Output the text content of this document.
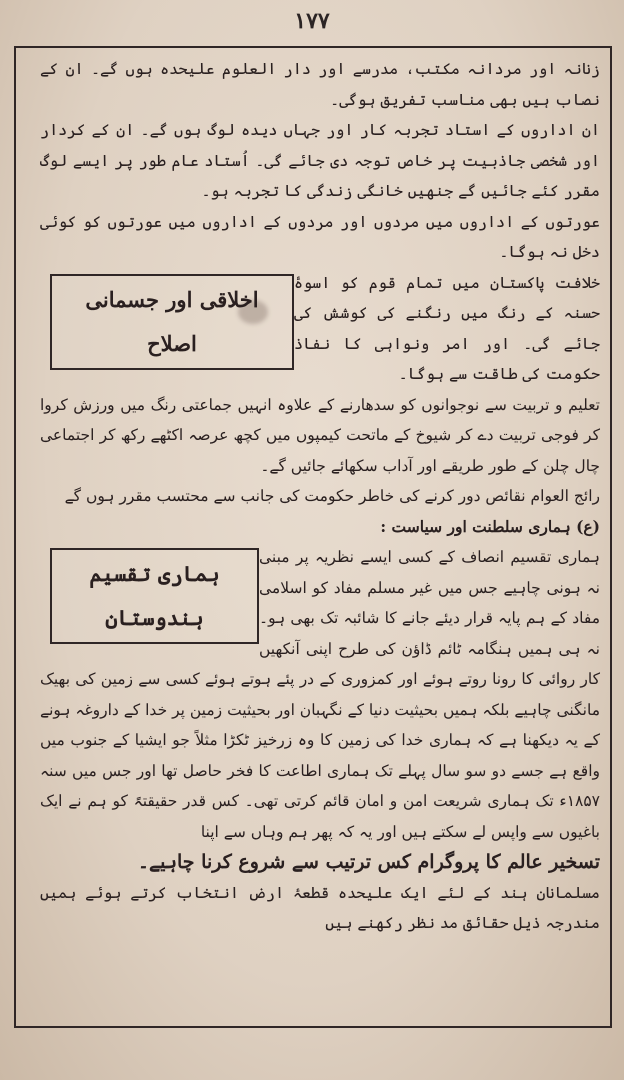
۱۷۷

زنانہ اور مردانہ مکتب، مدرسے اور دار العلوم علیحدہ ہوں گے۔ ان کے نصاب ہیں بھی مناسب تفریق ہوگی۔

ان اداروں کے استاد تجربہ کار اور جہاں دیدہ لوگ ہوں گے۔ ان کے کردار اور شخصی جاذبیت پر خاص توجہ دی جائے گی۔ اُستاد عام طور پر ایسے لوگ مقرر کئے جائیں گے جنھیں خانگی زندگی کا تجربہ ہو۔

عورتوں کے اداروں میں مردوں اور مردوں کے اداروں میں عورتوں کو کوئی دخل نہ ہوگا۔

اخلاقی اور جسمانی اصلاح

خلافت پاکستان میں تمام قوم کو اسوۂ حسنہ کے رنگ میں رنگنے کی کوشش کی جائے گی۔ اور امر ونواہی کا نفاذ حکومت کی طاقت سے ہوگا۔

تعلیم و تربیت سے نوجوانوں کو سدھارنے کے علاوہ انہیں جماعتی رنگ میں ورزش کروا کر فوجی تربیت دے کر شیوخ کے ماتحت کیمپوں میں کچھ عرصہ اکٹھے رکھ کر اجتماعی چال چلن کے طور طریقے اور آداب سکھائے جائیں گے۔

رائج العوام نقائص دور کرنے کی خاطر حکومت کی جانب سے محتسب مقرر ہوں گے

(ع) ہماری سلطنت اور سیاست :

ہماری تقسیم ہندوستان

ہماری تقسیم انصاف کے کسی ایسے نظریہ پر مبنی نہ ہونی چاہیے جس میں غیر مسلم مفاد کو اسلامی مفاد کے ہم پایہ قرار دیئے جانے کا شائبہ تک بھی ہو۔ نہ ہی ہمیں ہنگامہ ٹائم ڈاؤن کی طرح اپنی آنکھیں کار روائی کا رونا روتے ہوئے اور کمزوری کے در پئے ہوتے ہوئے کسی سے زمین کی بھیک مانگنی چاہیے بلکہ ہمیں بحیثیت دنیا کے نگہبان اور بحیثیت زمین پر خدا کے داروغہ ہونے کے یہ دیکھنا ہے کہ ہماری خدا کی زمین کا وہ زرخیز ٹکڑا مثلاً جو ایشیا کے جنوب میں واقع ہے جسے دو سو سال پہلے تک ہماری اطاعت کا فخر حاصل تھا اور جس میں سنہ ۱۸۵۷ء تک ہماری شریعت امن و امان قائم کرتی تھی۔ کس قدر حقیقتہً کو ہم نے ایک باغیوں سے واپس لے سکتے ہیں اور یہ کہ پھر ہم وہاں سے اپنا

تسخیر عالم کا پروگرام کس ترتیب سے شروع کرنا چاہیے۔

مسلمانان ہند کے لئے ایک علیحدہ قطعۂ ارض انتخاب کرتے ہوئے ہمیں مندرجہ ذیل حقائق مد نظر رکھنے ہیں
